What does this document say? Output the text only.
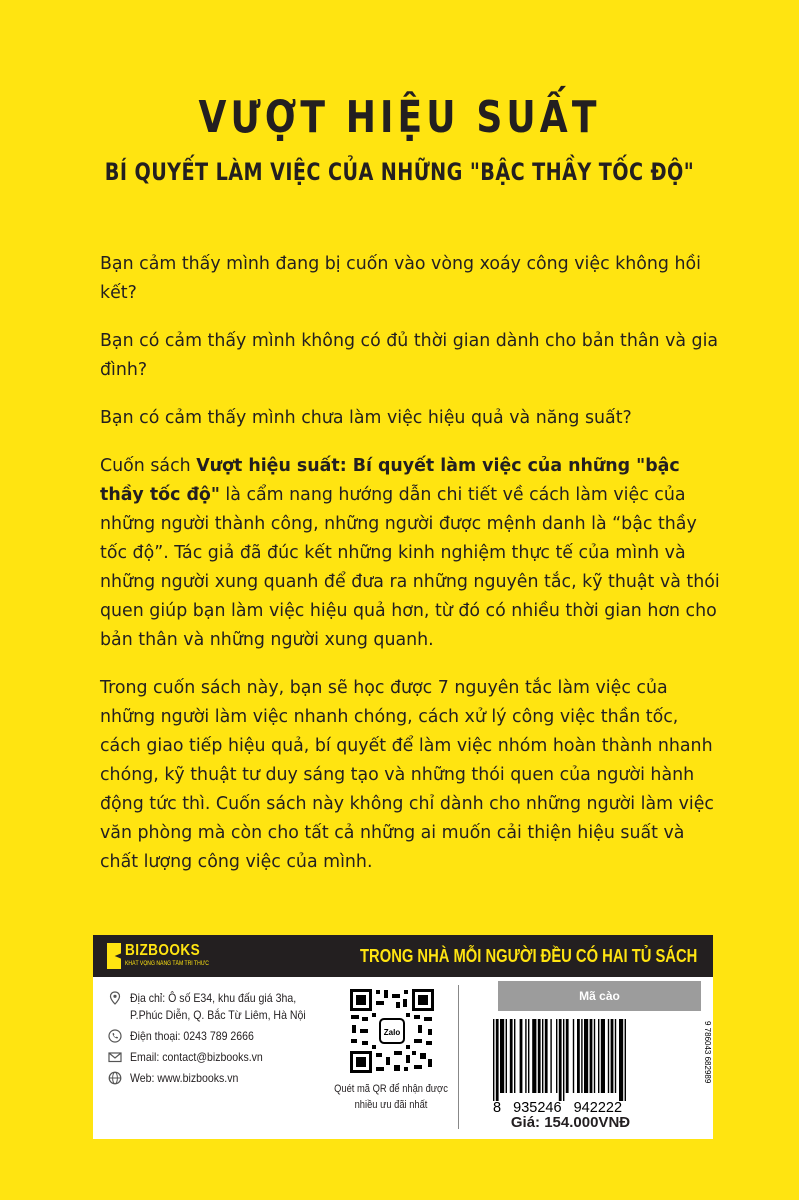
VƯỢT HIỆU SUẤT
BÍ QUYẾT LÀM VIỆC CỦA NHỮNG "BẬC THẦY TỐC ĐỘ"

Bạn cảm thấy mình đang bị cuốn vào vòng xoáy công việc không hồi kết?

Bạn có cảm thấy mình không có đủ thời gian dành cho bản thân và gia đình?

Bạn có cảm thấy mình chưa làm việc hiệu quả và năng suất?

Cuốn sách Vượt hiệu suất: Bí quyết làm việc của những "bậc thầy tốc độ" là cẩm nang hướng dẫn chi tiết về cách làm việc của những người thành công, những người được mệnh danh là “bậc thầy tốc độ”. Tác giả đã đúc kết những kinh nghiệm thực tế của mình và những người xung quanh để đưa ra những nguyên tắc, kỹ thuật và thói quen giúp bạn làm việc hiệu quả hơn, từ đó có nhiều thời gian hơn cho bản thân và những người xung quanh.

Trong cuốn sách này, bạn sẽ học được 7 nguyên tắc làm việc của những người làm việc nhanh chóng, cách xử lý công việc thần tốc, cách giao tiếp hiệu quả, bí quyết để làm việc nhóm hoàn thành nhanh chóng, kỹ thuật tư duy sáng tạo và những thói quen của người hành động tức thì. Cuốn sách này không chỉ dành cho những người làm việc văn phòng mà còn cho tất cả những ai muốn cải thiện hiệu suất và chất lượng công việc của mình.

BIZBOOKS
KHÁT VỌNG NÂNG TẦM TRI THỨC	TRONG NHÀ MỖI NGƯỜI ĐỀU CÓ HAI TỦ SÁCH
Địa chỉ: Ô số E34, khu đấu giá 3ha,
P.Phúc Diễn, Q. Bắc Từ Liêm, Hà Nội
Điện thoại: 0243 789 2666
Email: contact@bizbooks.vn
Web: www.bizbooks.vn
Zalo
Quét mã QR để nhận được
nhiều ưu đãi nhất
Mã cào
8   935246   942222
9 786043 682989
Giá: 154.000VNĐ
